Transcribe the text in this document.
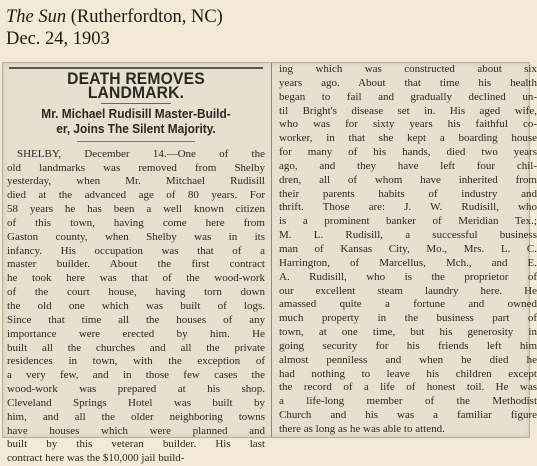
The Sun (Rutherfordton, NC)
Dec. 24, 1903
DEATH REMOVES LANDMARK.
Mr. Michael Rudisill Master-Build-
er, Joins The Silent Majority.
SHELBY, December 14.—One of the
old landmarks was removed from Shelby
yesterday, when Mr. Mitchael Rudisill
died at the advanced age of 80 years. For
58 years he has been a well known citizen
of this town, having come here from
Gaston county, when Shelby was in its
infancy. His occupation was that of a
master builder. About the first contract
he took here was that of the wood-work
of the court house, having torn down
the old one which was built of logs.
Since that time all the houses of any
importance were erected by him. He
built all the churches and all the private
residences in town, with the exception of
a very few, and in those few cases the
wood-work was prepared at his shop.
Cleveland Springs Hotel was built by
him, and all the older neighboring towns
have houses which were planned and
built by this veteran builder. His last
contract here was the $10,000 jail build-
ing which was constructed about six
years ago. About that time his health
began to fail and gradually declined un-
til Bright's disease set in. His aged wife,
who was for sixty years his faithful co-
worker, in that she kept a boarding house
for many of his hands, died two years
ago, and they have left four chil-
dren, all of whom have inherited from
their parents habits of industry and
thrift. Those are: J. W. Rudisill, who
is a prominent banker of Meridian Tex.;
M. L. Rudisill, a successful business
man of Kansas City, Mo., Mrs. L. C.
Harrington, of Marcellus, Mch., and E.
A. Rudisill, who is the proprietor of
our excellent steam laundry here. He
amassed quite a fortune and owned
much property in the business part of
town, at one time, but his generosity in
going security for his friends left him
almost penniless and when he died he
had nothing to leave his children except
the record of a life of honest toil. He was
a life-long member of the Methodist
Church and his was a familiar figure
there as long as he was able to attend.
